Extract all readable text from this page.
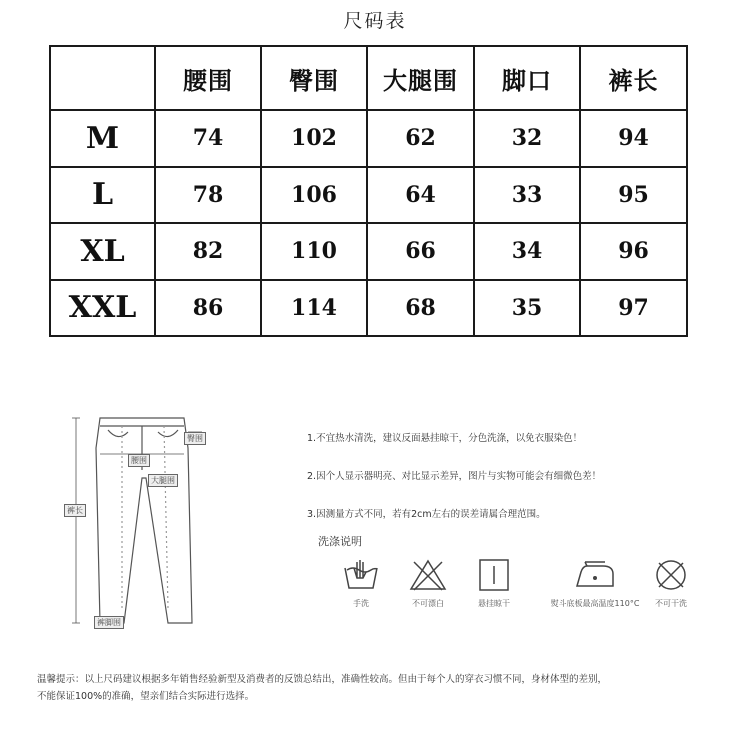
尺码表
	腰围	臀围	大腿围	脚口	裤长
M	74	102	62	32	94
L	78	106	64	33	95
XL	82	110	66	34	96
XXL	86	114	68	35	97
臀围
腰围
大腿围
裤长
裤脚围
1.不宜热水清洗，建议反面悬挂晾干，分色洗涤，以免衣服染色！
2.因个人显示器明亮、对比显示差异，图片与实物可能会有细微色差！
3.因测量方式不同，若有2cm左右的误差请属合理范围。
洗涤说明
手洗	不可漂白	悬挂晾干	熨斗底板最高温度110°C	不可干洗
温馨提示：以上尺码建议根据多年销售经验新型及消费者的反馈总结出，准确性较高。但由于每个人的穿衣习惯不同，身材体型的差别，
不能保证100%的准确，望亲们结合实际进行选择。
